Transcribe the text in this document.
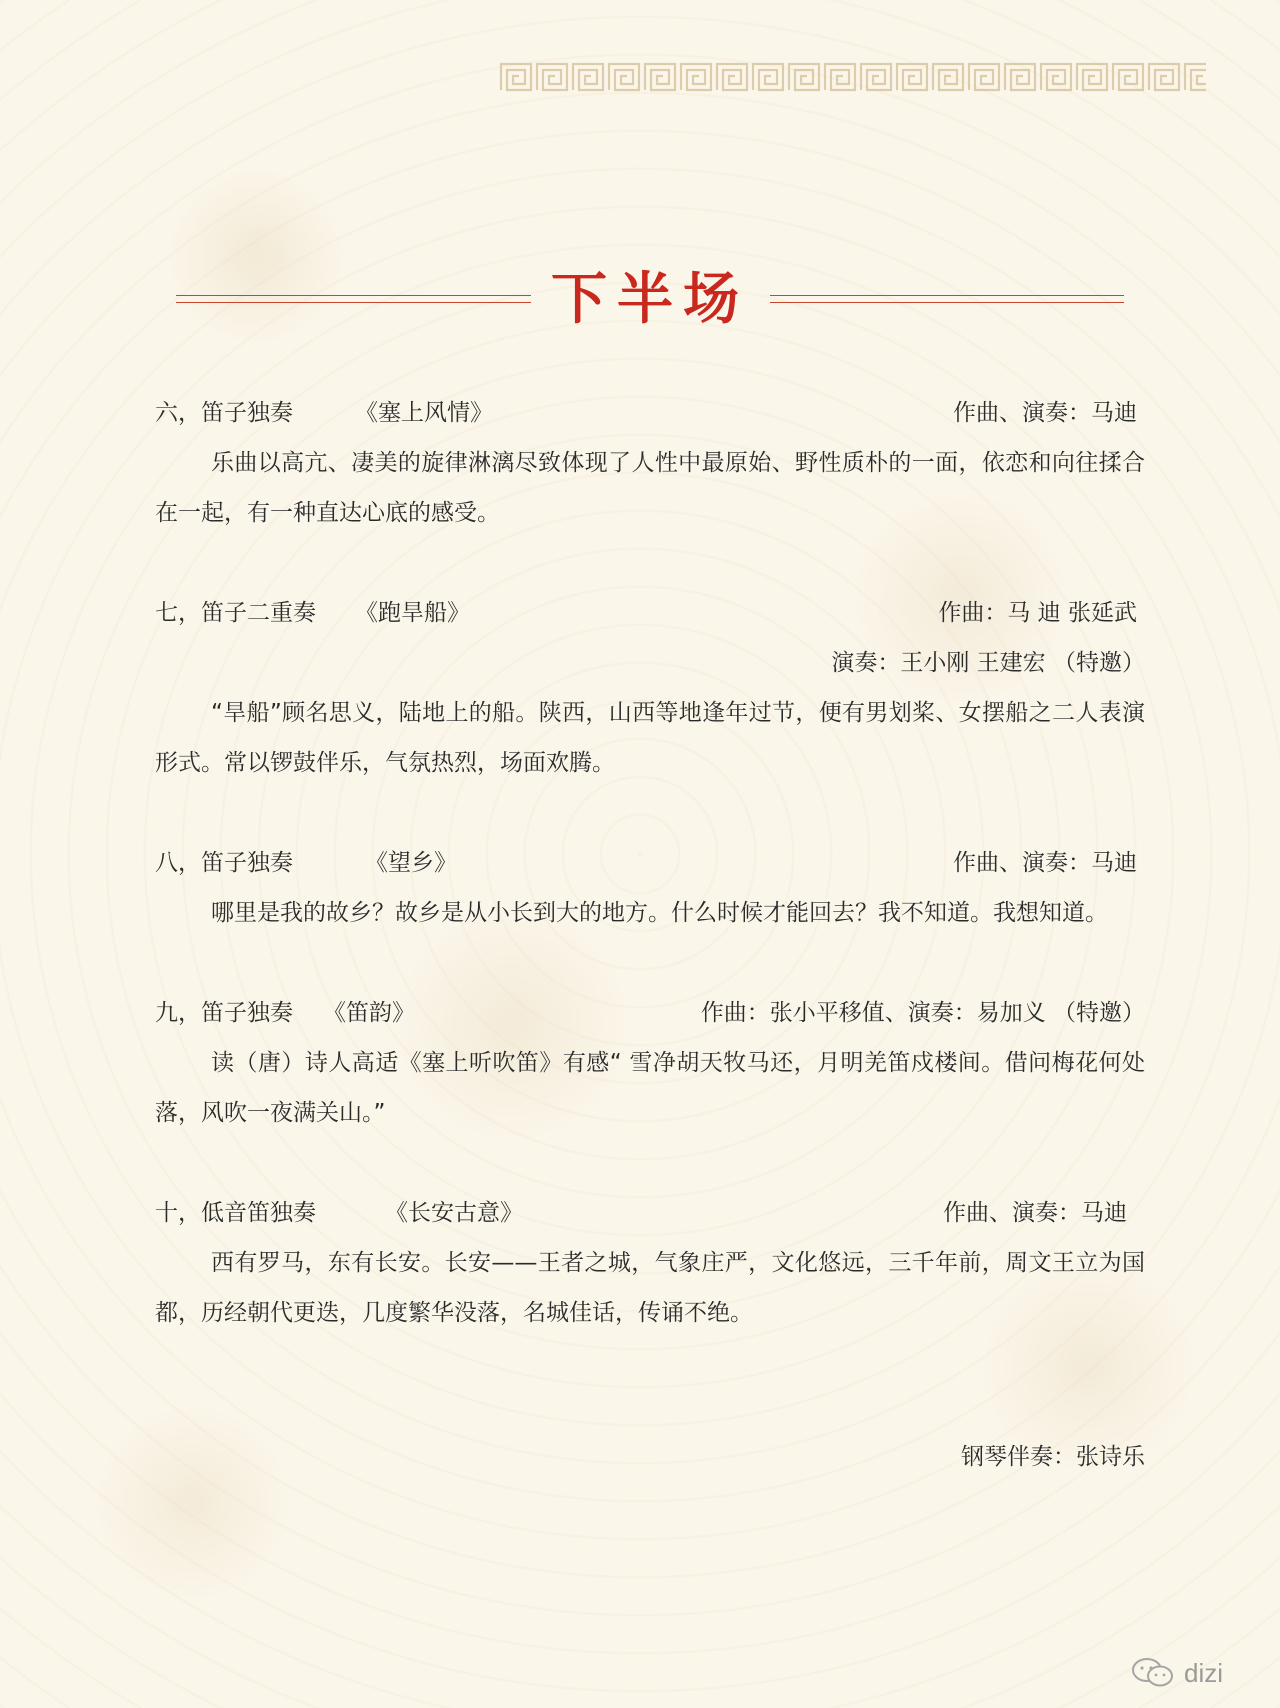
下半场
六，笛子独奏	《塞上风情》	作曲、演奏：马迪

乐曲以高亢、凄美的旋律淋漓尽致体现了人性中最原始、野性质朴的一面，依恋和向往揉合在一起，有一种直达心底的感受。

七，笛子二重奏 《跑旱船》	作曲：马 迪 张延武
演奏：王小刚 王建宏 （特邀）

“旱船”顾名思义，陆地上的船。陕西，山西等地逢年过节，便有男划桨、女摆船之二人表演形式。常以锣鼓伴乐，气氛热烈，场面欢腾。

八，笛子独奏	《望乡》	作曲、演奏：马迪

哪里是我的故乡？故乡是从小长到大的地方。什么时候才能回去？我不知道。我想知道。

九，笛子独奏 《笛韵》	作曲：张小平移值、演奏：易加义 （特邀）

读（唐）诗人高适《塞上听吹笛》有感“ 雪净胡天牧马还，月明羌笛戍楼间。借问梅花何处落，风吹一夜满关山。”

十，低音笛独奏	《长安古意》	作曲、演奏：马迪

西有罗马，东有长安。长安——王者之城，气象庄严，文化悠远，三千年前，周文王立为国都，历经朝代更迭，几度繁华没落，名城佳话，传诵不绝。

钢琴伴奏：张诗乐
dizi
